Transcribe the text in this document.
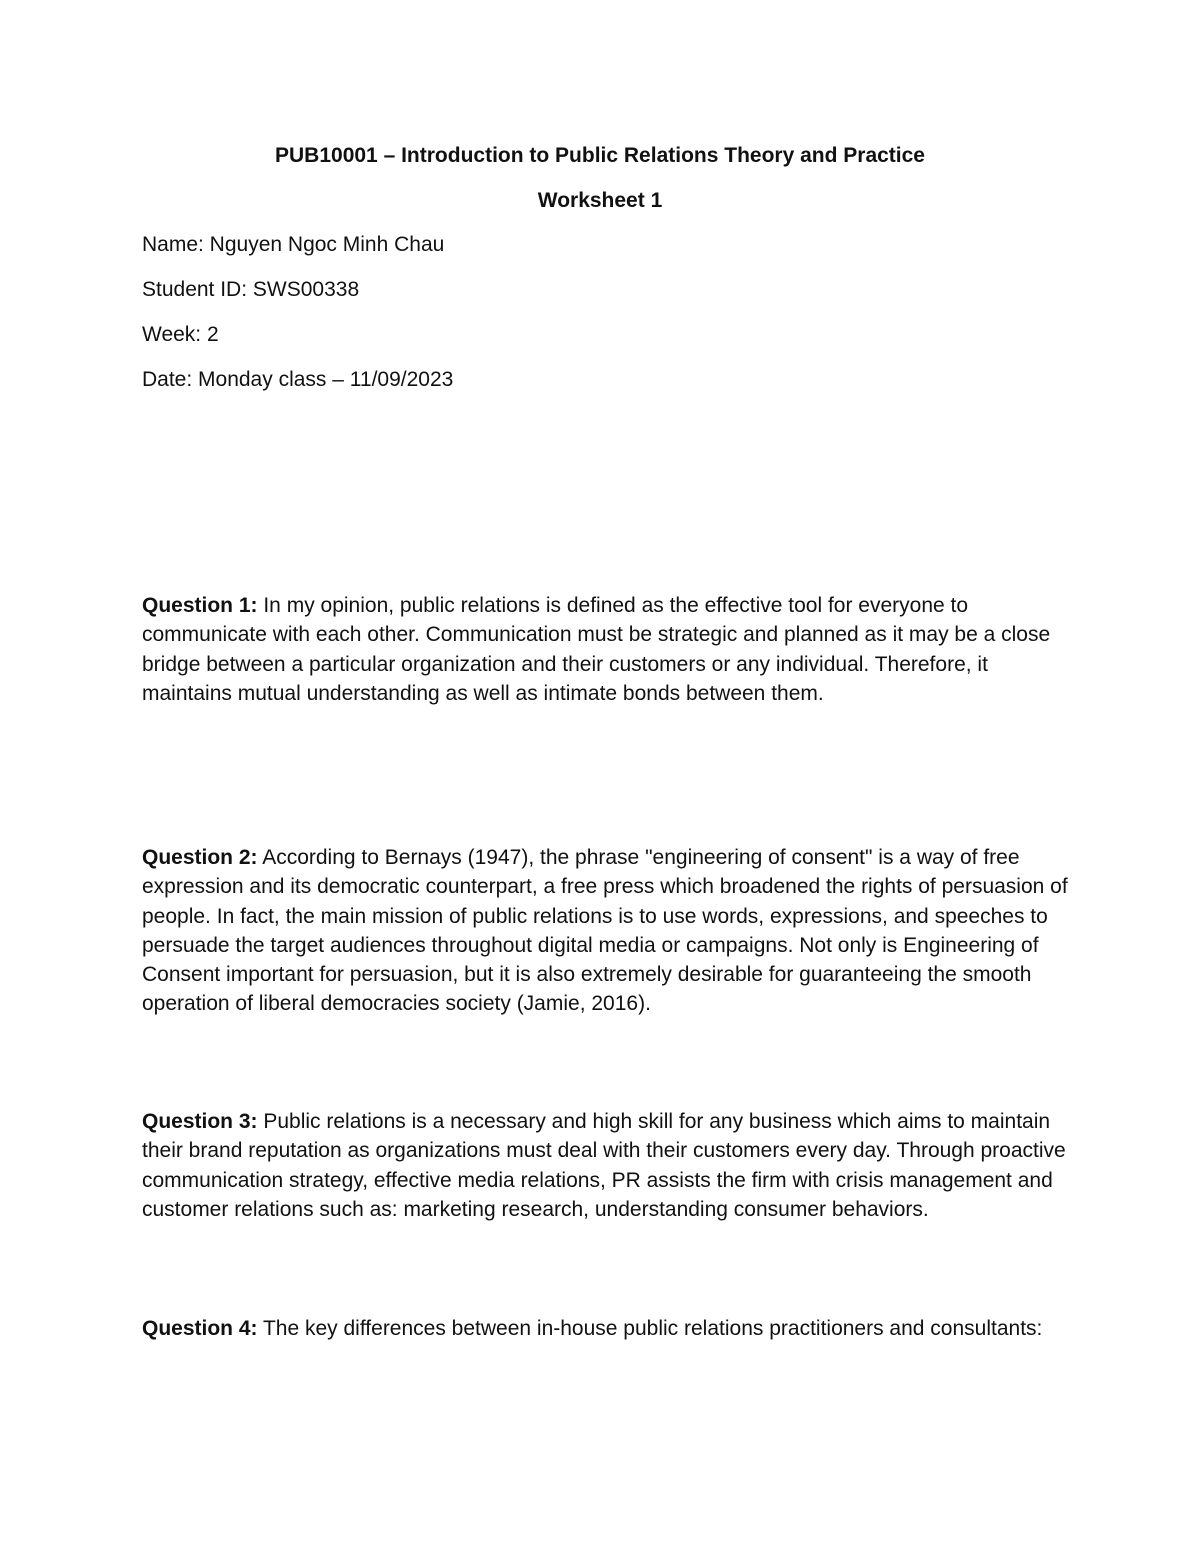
PUB10001 – Introduction to Public Relations Theory and Practice
Worksheet 1

Name: Nguyen Ngoc Minh Chau

Student ID: SWS00338

Week: 2

Date: Monday class – 11/09/2023

Question 1: In my opinion, public relations is defined as the effective tool for everyone to communicate with each other. Communication must be strategic and planned as it may be a close bridge between a particular organization and their customers or any individual. Therefore, it maintains mutual understanding as well as intimate bonds between them.

Question 2: According to Bernays (1947), the phrase "engineering of consent" is a way of free expression and its democratic counterpart, a free press which broadened the rights of persuasion of people. In fact, the main mission of public relations is to use words, expressions, and speeches to persuade the target audiences throughout digital media or campaigns. Not only is Engineering of Consent important for persuasion, but it is also extremely desirable for guaranteeing the smooth operation of liberal democracies society (Jamie, 2016).

Question 3: Public relations is a necessary and high skill for any business which aims to maintain their brand reputation as organizations must deal with their customers every day. Through proactive communication strategy, effective media relations, PR assists the firm with crisis management and customer relations such as: marketing research, understanding consumer behaviors.

Question 4: The key differences between in-house public relations practitioners and consultants:
